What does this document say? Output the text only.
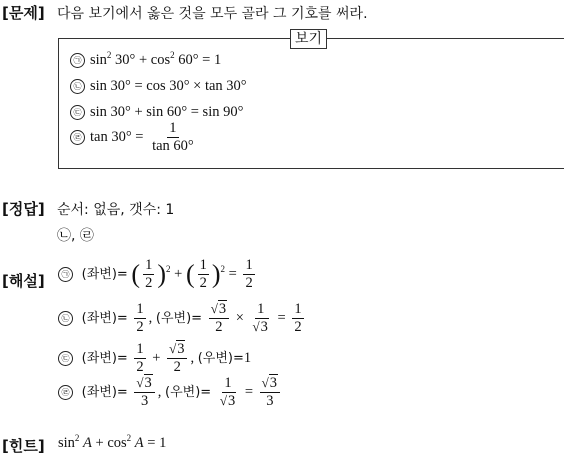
[문제] 다음 보기에서 옳은 것을 모두 골라 그 기호를 써라.
보기
㉠ $\sin^2 30^\circ + \cos^2 60^\circ = 1$
㉡ sin 30° = cos 30° × tan 30°
㉢ sin 30° + sin 60° = sin 90°
㉣ $\tan 30^\circ = \frac{1}{\tan 60^\circ}$
[정답] 순서: 없음, 갯수: 1
㉡, ㉣
[해설]	㉠ (좌변)= ( $\frac{1}{2} )^2$ + ( $\frac{1}{2} )^2 = \frac{1}{2}$
㉡ (좌변)= $\frac{1}{2}$ , (우변)= $\frac{√3}{2} \times \frac{1}{√3} = \frac{1}{2}$
㉢ (좌변)= $\frac{1}{2} + \frac{√3}{2}$ , (우변)=1
㉣ (좌변)= $\frac{√3}{3}$ , (우변)= $\frac{1}{√3} = \frac{√3}{3}$
[힌트] $\sin^2 A + \cos^2 A = 1$
